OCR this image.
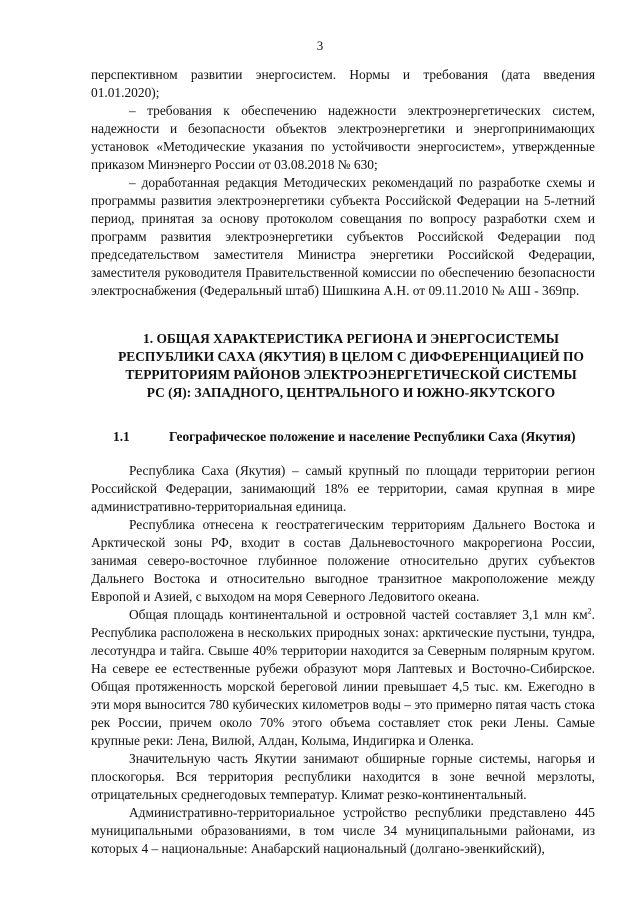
3

перспективном развитии энергосистем. Нормы и требования (дата введения 01.01.2020);

– требования к обеспечению надежности электроэнергетических систем, надежности и безопасности объектов электроэнергетики и энергопринимающих установок «Методические указания по устойчивости энергосистем», утвержденные приказом Минэнерго России от 03.08.2018 № 630;

– доработанная редакция Методических рекомендаций по разработке схемы и программы развития электроэнергетики субъекта Российской Федерации на 5-летний период, принятая за основу протоколом совещания по вопросу разработки схем и программ развития электроэнергетики субъектов Российской Федерации под председательством заместителя Министра энергетики Российской Федерации, заместителя руководителя Правительственной комиссии по обеспечению безопасности электроснабжения (Федеральный штаб) Шишкина А.Н. от 09.11.2010 № АШ - 369пр.

1. ОБЩАЯ ХАРАКТЕРИСТИКА РЕГИОНА И ЭНЕРГОСИСТЕМЫ РЕСПУБЛИКИ САХА (ЯКУТИЯ) В ЦЕЛОМ С ДИФФЕРЕНЦИАЦИЕЙ ПО ТЕРРИТОРИЯМ РАЙОНОВ ЭЛЕКТРОЭНЕРГЕТИЧЕСКОЙ СИСТЕМЫ РС (Я): ЗАПАДНОГО, ЦЕНТРАЛЬНОГО И ЮЖНО-ЯКУТСКОГО
1.1	Географическое положение и население Республики Саха (Якутия)

Республика Саха (Якутия) – самый крупный по площади территории регион Российской Федерации, занимающий 18% ее территории, самая крупная в мире административно-территориальная единица.

Республика отнесена к геостратегическим территориям Дальнего Востока и Арктической зоны РФ, входит в состав Дальневосточного макрорегиона России, занимая северо-восточное глубинное положение относительно других субъектов Дальнего Востока и относительно выгодное транзитное макроположение между Европой и Азией, с выходом на моря Северного Ледовитого океана.

Общая площадь континентальной и островной частей составляет 3,1 млн $км^2$. Республика расположена в нескольких природных зонах: арктические пустыни, тундра, лесотундра и тайга. Свыше 40% территории находится за Северным полярным кругом. На севере ее естественные рубежи образуют моря Лаптевых и Восточно-Сибирское. Общая протяженность морской береговой линии превышает 4,5 тыс. км. Ежегодно в эти моря выносится 780 кубических километров воды – это примерно пятая часть стока рек России, причем около 70% этого объема составляет сток реки Лены. Самые крупные реки: Лена, Вилюй, Алдан, Колыма, Индигирка и Оленка.

Значительную часть Якутии занимают обширные горные системы, нагорья и плоскогорья. Вся территория республики находится в зоне вечной мерзлоты, отрицательных среднегодовых температур. Климат резко-континентальный.

Административно-территориальное устройство республики представлено 445 муниципальными образованиями, в том числе 34 муниципальными районами, из которых 4 – национальные: Анабарский национальный (долгано-эвенкийский),
